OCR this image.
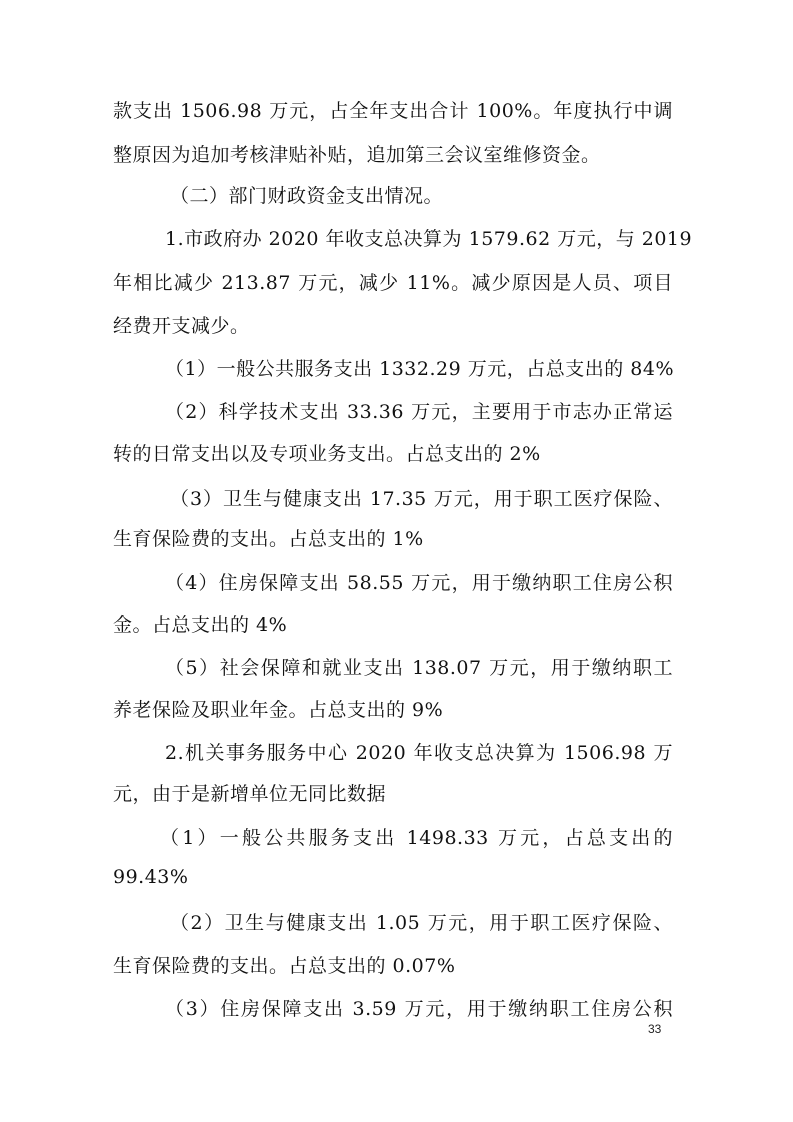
款支出 1506.98 万元，占全年支出合计 100%。年度执行中调
整原因为追加考核津贴补贴，追加第三会议室维修资金。
（二）部门财政资金支出情况。
1.市政府办 2020 年收支总决算为 1579.62 万元，与 2019
年相比减少 213.87 万元，减少 11%。减少原因是人员、项目
经费开支减少。
（1）一般公共服务支出 1332.29 万元，占总支出的 84%
（2）科学技术支出 33.36 万元，主要用于市志办正常运
转的日常支出以及专项业务支出。占总支出的 2%
（3）卫生与健康支出 17.35 万元，用于职工医疗保险、
生育保险费的支出。占总支出的 1%
（4）住房保障支出 58.55 万元，用于缴纳职工住房公积
金。占总支出的 4%
（5）社会保障和就业支出 138.07 万元，用于缴纳职工
养老保险及职业年金。占总支出的 9%
2.机关事务服务中心 2020 年收支总决算为 1506.98 万
元，由于是新增单位无同比数据
（1）一般公共服务支出 1498.33 万元，占总支出的
99.43%
（2）卫生与健康支出 1.05 万元，用于职工医疗保险、
生育保险费的支出。占总支出的 0.07%
（3）住房保障支出 3.59 万元，用于缴纳职工住房公积
33
